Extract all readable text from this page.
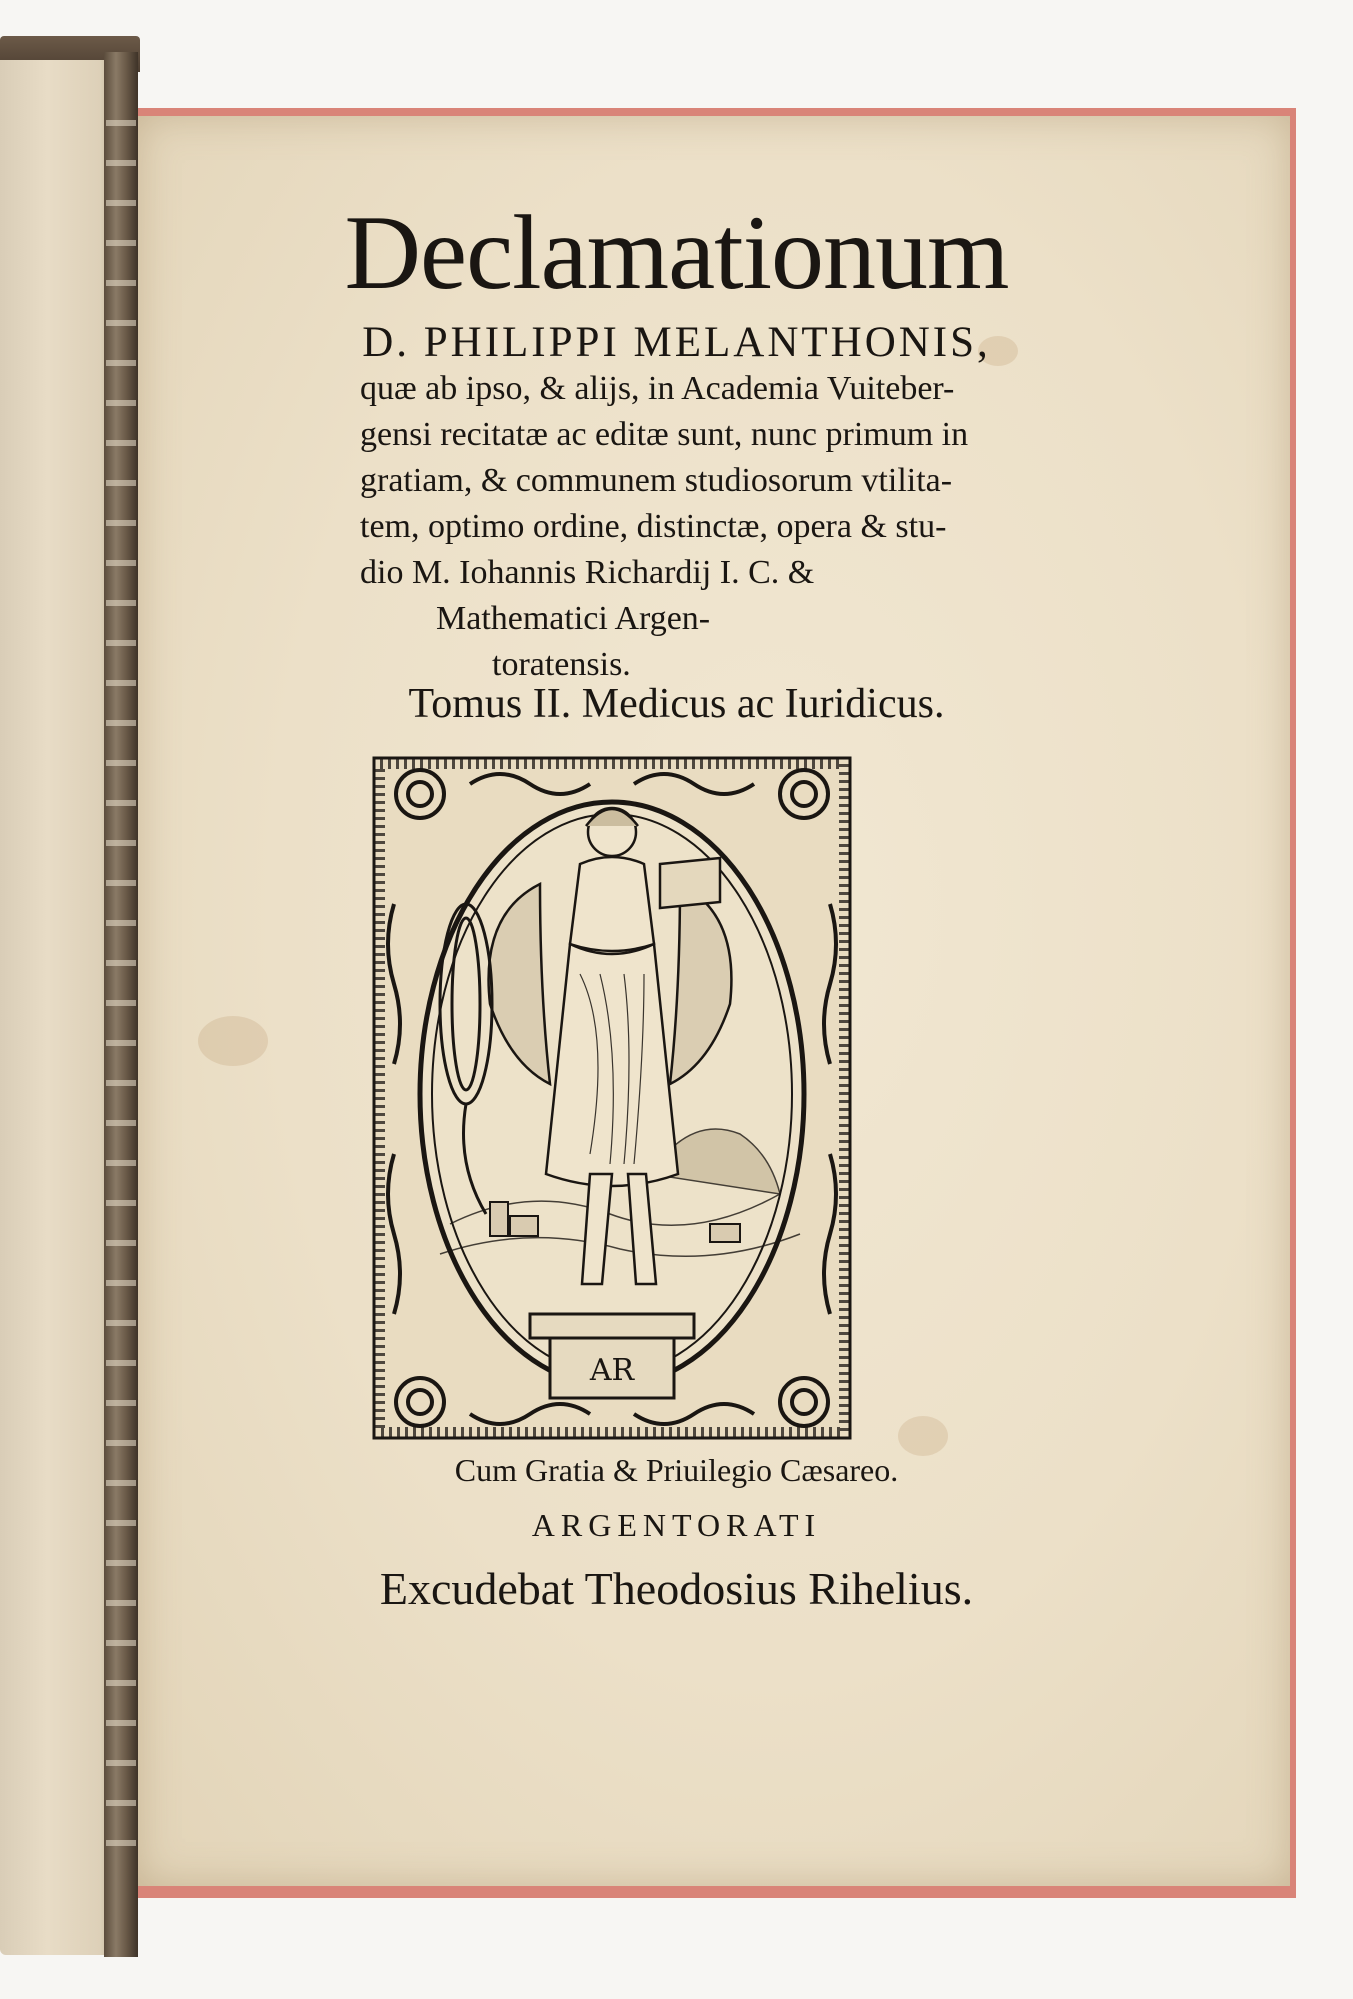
Declamationum
D. PHILIPPI MELANTHONIS,
quæ ab ipso, & alijs, in Academia Vuiteber-
gensi recitatæ ac editæ sunt, nunc primum in
gratiam, & communem studiosorum vtilita-
tem, optimo ordine, distinctæ, opera & stu-
dio M. Iohannis Richardij I. C. &
Mathematici Argen-
toratensis.
Tomus II. Medicus ac Iuridicus.
AR
Cum Gratia & Priuilegio Cæsareo.
ARGENTORATI
Excudebat Theodosius Rihelius.
